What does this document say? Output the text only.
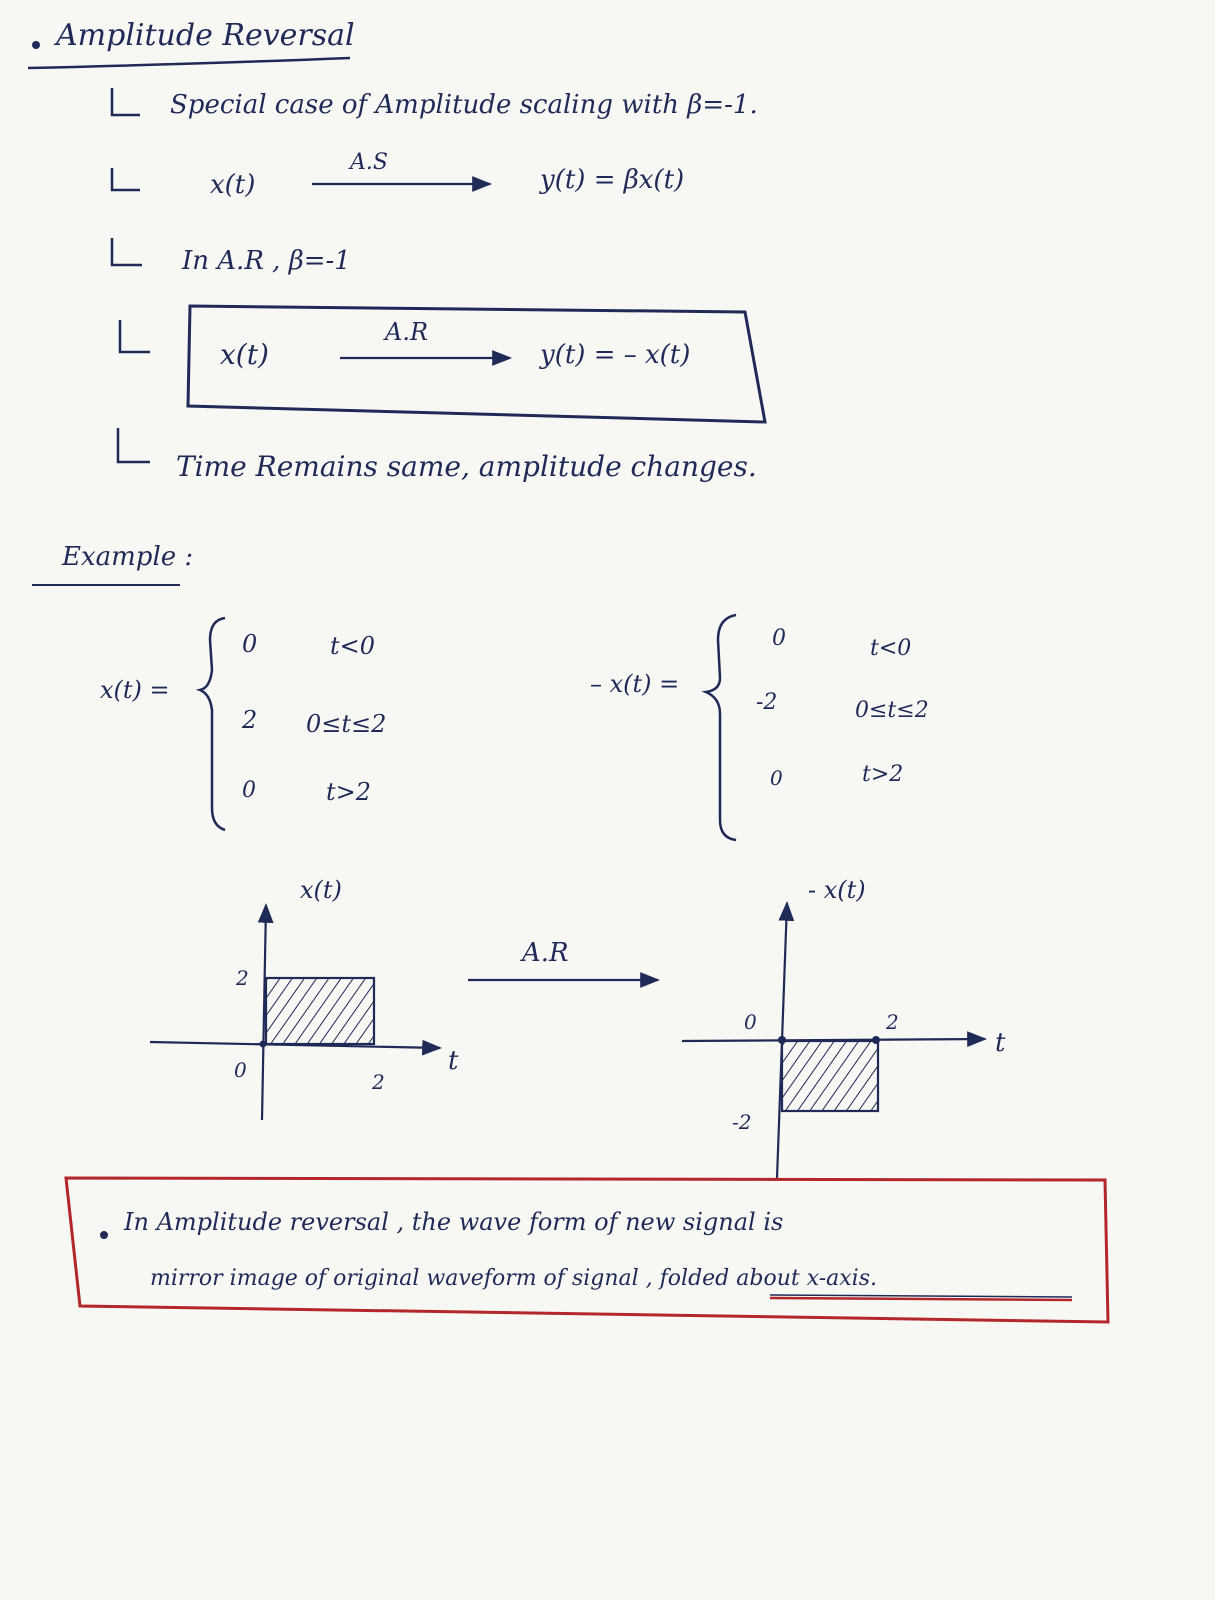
Amplitude Reversal
Special case of Amplitude scaling with β=-1.
x(t)
A.S
y(t) = βx(t)
In A.R , β=-1
x(t)
A.R
y(t) = – x(t)
Time Remains same, amplitude changes.
Example :
x(t) =
0	t<0
2 0≤t≤2
0	t>2
– x(t) =
0	t<0
-2	0≤t≤2
0	t>2
x(t)
2
0	2
t
A.R
- x(t)
0	2
-2
t
In Amplitude reversal , the wave form of new signal is
mirror image of original waveform of signal , folded about x-axis.
